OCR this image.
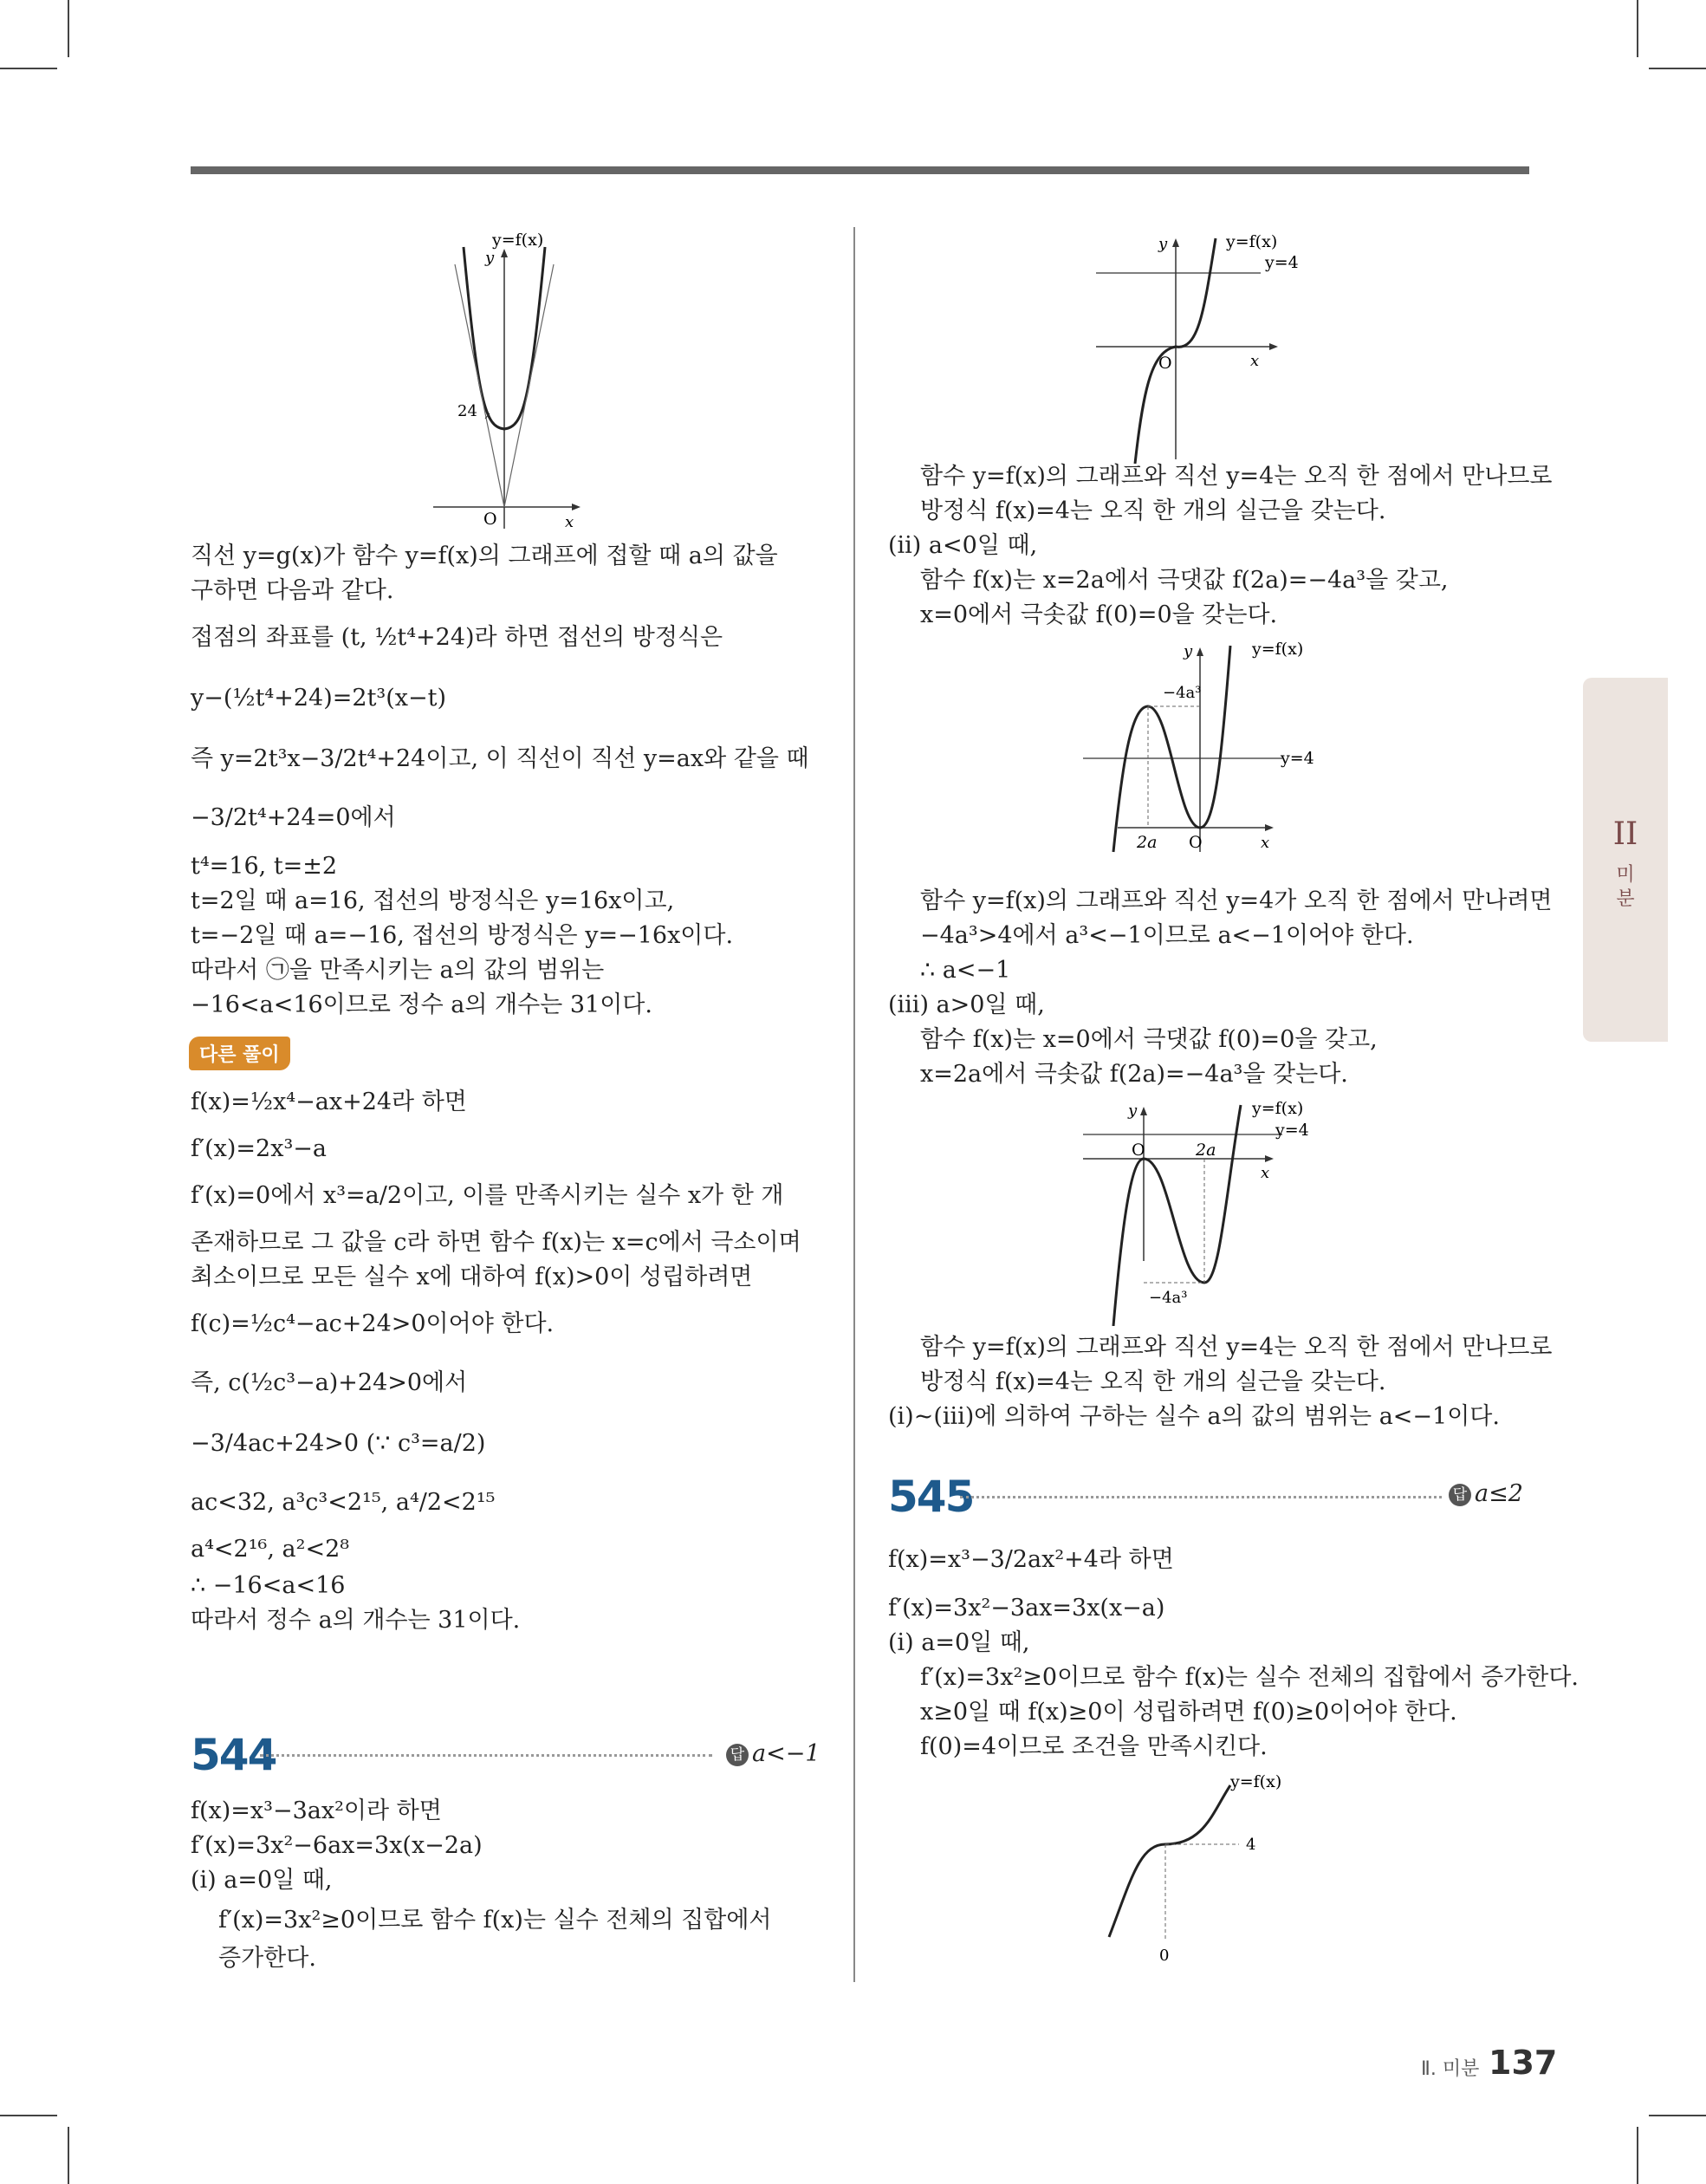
y
y=f(x)
24
O	x
직선 y=g(x)가 함수 y=f(x)의 그래프에 접할 때 a의 값을
구하면 다음과 같다.
접점의 좌표를 (t, ½t⁴+24)라 하면 접선의 방정식은
y−(½t⁴+24)=2t³(x−t)
즉 y=2t³x−3/2t⁴+24이고, 이 직선이 직선 y=ax와 같을 때
−3/2t⁴+24=0에서
t⁴=16, t=±2
t=2일 때 a=16, 접선의 방정식은 y=16x이고,
t=−2일 때 a=−16, 접선의 방정식은 y=−16x이다.
따라서 ㉠을 만족시키는 a의 값의 범위는
−16<a<16이므로 정수 a의 개수는 31이다.
다른 풀이
f(x)=½x⁴−ax+24라 하면
f′(x)=2x³−a
f′(x)=0에서 x³=a/2이고, 이를 만족시키는 실수 x가 한 개
존재하므로 그 값을 c라 하면 함수 f(x)는 x=c에서 극소이며
최소이므로 모든 실수 x에 대하여 f(x)>0이 성립하려면
f(c)=½c⁴−ac+24>0이어야 한다.
즉, c(½c³−a)+24>0에서
−3/4ac+24>0 (∵ c³=a/2)
ac<32, a³c³<2¹⁵, a⁴/2<2¹⁵
a⁴<2¹⁶, a²<2⁸
∴ −16<a<16
따라서 정수 a의 개수는 31이다.
544	답 a<−1
f(x)=x³−3ax²이라 하면
f′(x)=3x²−6ax=3x(x−2a)
(ⅰ) a=0일 때,
f′(x)=3x²≥0이므로 함수 f(x)는 실수 전체의 집합에서
증가한다.
y	y=f(x)
y=4
O	x
함수 y=f(x)의 그래프와 직선 y=4는 오직 한 점에서 만나므로
방정식 f(x)=4는 오직 한 개의 실근을 갖는다.
(ⅱ) a<0일 때,
함수 f(x)는 x=2a에서 극댓값 f(2a)=−4a³을 갖고,
x=0에서 극솟값 f(0)=0을 갖는다.
y	y=f(x)
−4a³
y=4
2a O	x
함수 y=f(x)의 그래프와 직선 y=4가 오직 한 점에서 만나려면
−4a³>4에서 a³<−1이므로 a<−1이어야 한다.
∴ a<−1
(ⅲ) a>0일 때,
함수 f(x)는 x=0에서 극댓값 f(0)=0을 갖고,
x=2a에서 극솟값 f(2a)=−4a³을 갖는다.
y	y=f(x)
y=4
O	2a
x
−4a³
함수 y=f(x)의 그래프와 직선 y=4는 오직 한 점에서 만나므로
방정식 f(x)=4는 오직 한 개의 실근을 갖는다.
(ⅰ)~(ⅲ)에 의하여 구하는 실수 a의 값의 범위는 a<−1이다.
545	답 a≤2
f(x)=x³−3/2ax²+4라 하면
f′(x)=3x²−3ax=3x(x−a)
(ⅰ) a=0일 때,
f′(x)=3x²≥0이므로 함수 f(x)는 실수 전체의 집합에서 증가한다.
x≥0일 때 f(x)≥0이 성립하려면 f(0)≥0이어야 한다.
f(0)=4이므로 조건을 만족시킨다.
y=f(x)
4
0
II
미
분
Ⅱ. 미분 137
